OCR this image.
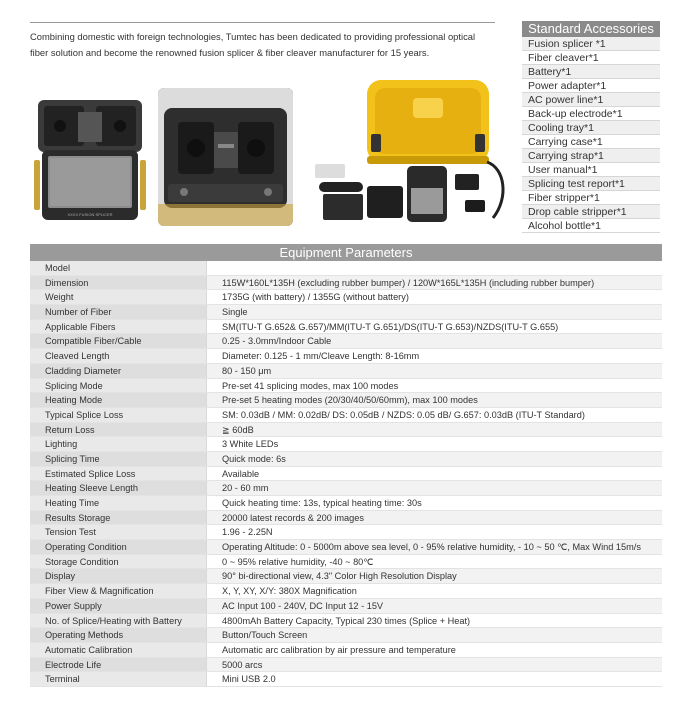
Combining domestic with foreign technologies, Tumtec has been dedicated to providing professional optical fiber solution and become the renowned fusion splicer & fiber cleaver manufacturer for 15 years.
Standard Accessories
Fusion splicer *1
Fiber cleaver*1
Battery*1
Power adapter*1
AC power line*1
Back-up electrode*1
Cooling tray*1
Carrying case*1
Carrying strap*1
User manual*1
Splicing test report*1
Fiber stripper*1
Drop cable stripper*1
Alcohol bottle*1
XXXX FUSION SPLICER
Equipment Parameters
Model
Dimension	115W*160L*135H (excluding rubber bumper) / 120W*165L*135H (including rubber bumper)
Weight	1735G (with battery) / 1355G (without battery)
Number of Fiber	Single
Applicable Fibers	SM(ITU-T G.652& G.657)/MM(ITU-T G.651)/DS(ITU-T G.653)/NZDS(ITU-T G.655)
Compatible Fiber/Cable	0.25 - 3.0mm/Indoor Cable
Cleaved Length	Diameter: 0.125 - 1 mm/Cleave Length: 8-16mm
Cladding Diameter	80 - 150 μm
Splicing Mode	Pre-set 41 splicing modes, max 100 modes
Heating Mode	Pre-set 5 heating modes (20/30/40/50/60mm), max 100 modes
Typical Splice Loss	SM: 0.03dB / MM: 0.02dB/ DS: 0.05dB / NZDS: 0.05 dB/ G.657: 0.03dB (ITU-T Standard)
Return Loss	≧ 60dB
Lighting	3 White LEDs
Splicing Time	Quick mode: 6s
Estimated Splice Loss	Available
Heating Sleeve Length	20 - 60 mm
Heating Time	Quick heating time: 13s, typical heating time: 30s
Results Storage	20000 latest records & 200 images
Tension Test	1.96 - 2.25N
Operating Condition	Operating Altitude: 0 - 5000m above sea level, 0 - 95% relative humidity, - 10 ~ 50 ℃, Max Wind 15m/s
Storage Condition	0 ~ 95% relative humidity, -40 ~ 80℃
Display	90° bi-directional view, 4.3" Color High Resolution Display
Fiber View & Magnification	X, Y, XY, X/Y: 380X Magnification
Power Supply	AC Input 100 - 240V, DC Input 12 - 15V
No. of Splice/Heating with Battery	4800mAh Battery Capacity, Typical 230 times (Splice + Heat)
Operating Methods	Button/Touch Screen
Automatic Calibration	Automatic arc calibration by air pressure and temperature
Electrode Life	5000 arcs
Terminal	Mini USB 2.0
